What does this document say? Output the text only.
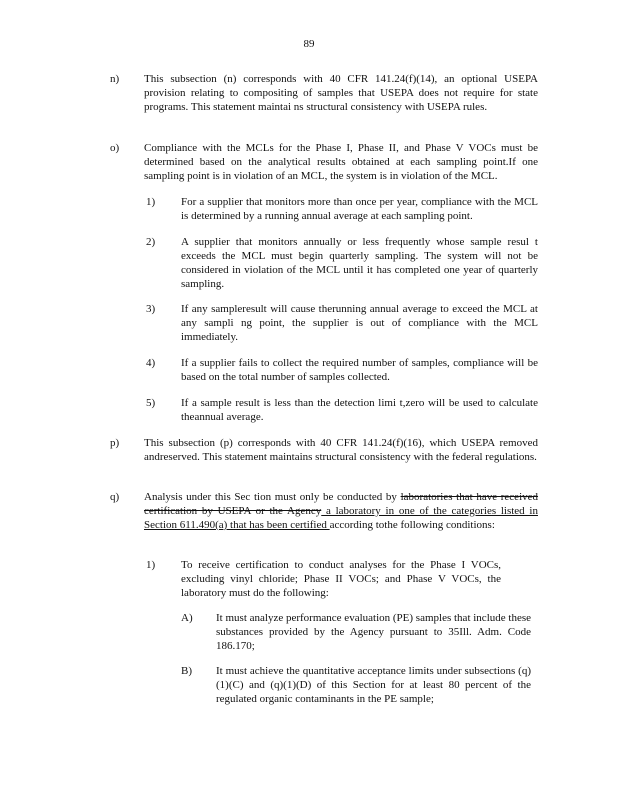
89
n) This subsection (n) corresponds with 40 CFR 141.24(f)(14), an optional USEPA provision relating to compositing of samples that USEPA does not require for state programs. This statement maintai ns structural consistency with USEPA rules.
o) Compliance with the MCLs for the Phase I, Phase II, and Phase V VOCs must be determined based on the analytical results obtained at each sampling point.If one sampling point is in violation of an MCL, the system is in violation of the MCL.
1) For a supplier that monitors more than once per year, compliance with the MCL is determined by a running annual average at each sampling point.
2) A supplier that monitors annually or less frequently whose sample resul t exceeds the MCL must begin quarterly sampling. The system will not be considered in violation of the MCL until it has completed one year of quarterly sampling.
3) If any sampleresult will cause therunning annual average to exceed the MCL at any sampli ng point, the supplier is out of compliance with the MCL immediately.
4) If a supplier fails to collect the required number of samples, compliance will be based on the total number of samples collected.
5) If a sample result is less than the detection limi t,zero will be used to calculate theannual average.
p) This subsection (p) corresponds with 40 CFR 141.24(f)(16), which USEPA removed andreserved. This statement maintains structural consistency with the federal regulations.
q) Analysis under this Sec tion must only be conducted by laboratories that have received certification by USEPA or the Agency a laboratory in one of the categories listed in Section 611.490(a) that has been certified according tothe following conditions:
1) To receive certification to conduct analyses for the Phase I VOCs, excluding vinyl chloride; Phase II VOCs; and Phase V VOCs, the laboratory must do the following:
A) It must analyze performance evaluation (PE) samples that include these substances provided by the Agency pursuant to 35Ill. Adm. Code 186.170;
B) It must achieve the quantitative acceptance limits under subsections (q)(1)(C) and (q)(1)(D) of this Section for at least 80 percent of the regulated organic contaminants in the PE sample;
